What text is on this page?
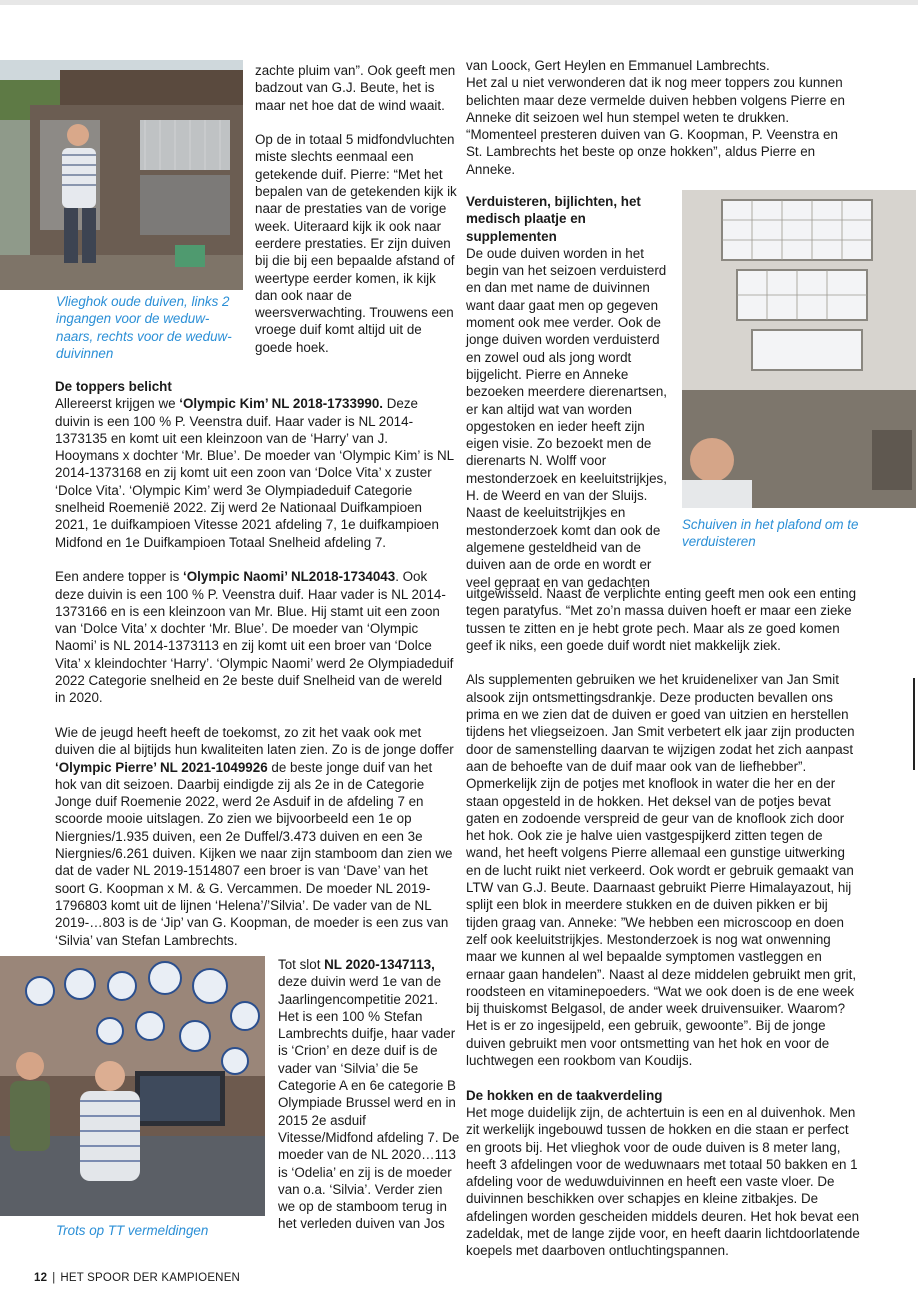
Vlieghok oude duiven, links 2 ingangen voor de weduw-naars, rechts voor de weduw-duivinnen

zachte pluim van”. Ook geeft men badzout van G.J. Beute, het is maar net hoe dat de wind waait.

Op de in totaal 5 midfondvluchten miste slechts eenmaal een getekende duif. Pierre: “Met het bepalen van de getekenden kijk ik naar de prestaties van de vorige week. Uiteraard kijk ik ook naar eerdere prestaties. Er zijn duiven bij die bij een bepaalde afstand of weertype eerder komen, ik kijk dan ook naar de weersverwachting. Trouwens een vroege duif komt altijd uit de goede hoek.

De toppers belicht

Allereerst krijgen we ‘Olympic Kim’ NL 2018-1733990. Deze duivin is een 100 % P. Veenstra duif. Haar vader is NL 2014-1373135 en komt uit een kleinzoon van de ‘Harry’ van J. Hooymans x dochter ‘Mr. Blue’. De moeder van ‘Olympic Kim’ is NL 2014-1373168 en zij komt uit een zoon van ‘Dolce Vita’ x zuster ‘Dolce Vita’. ‘Olympic Kim’ werd 3e Olympiadeduif Categorie snelheid Roemenië 2022. Zij werd 2e Nationaal Duifkampioen 2021, 1e duifkampioen Vitesse 2021 afdeling 7, 1e duifkampioen Midfond en 1e Duifkampioen Totaal Snelheid afdeling 7.

Een andere topper is ‘Olympic Naomi’ NL2018-1734043. Ook deze duivin is een 100 % P. Veenstra duif. Haar vader is NL 2014-1373166 en is een kleinzoon van Mr. Blue. Hij stamt uit een zoon van ‘Dolce Vita’ x dochter ‘Mr. Blue’. De moeder van ‘Olympic Naomi’ is NL 2014-1373113 en zij komt uit een broer van ‘Dolce Vita’ x kleindochter ‘Harry’. ‘Olympic Naomi’ werd 2e Olympiadeduif 2022 Categorie snelheid en 2e beste duif Snelheid van de wereld in 2020.

Wie de jeugd heeft heeft de toekomst, zo zit het vaak ook met duiven die al bijtijds hun kwaliteiten laten zien. Zo is de jonge doffer ‘Olympic Pierre’ NL 2021-1049926 de beste jonge duif van het hok van dit seizoen. Daarbij eindigde zij als 2e in de Categorie Jonge duif Roemenie 2022, werd 2e Asduif in de afdeling 7 en scoorde mooie uitslagen. Zo zien we bijvoorbeeld een 1e op Niergnies/1.935 duiven, een 2e Duffel/3.473 duiven en een 3e Niergnies/6.261 duiven. Kijken we naar zijn stamboom dan zien we dat de vader NL 2019-1514807 een broer is van ‘Dave’ van het soort G. Koopman x M. & G. Vercammen. De moeder NL 2019-1796803 komt uit de lijnen ‘Helena’/’Silvia’. De vader van de NL 2019-…803 is de ‘Jip’ van G. Koopman, de moeder is een zus van ‘Silvia’ van Stefan Lambrechts.

Trots op TT vermeldingen

Tot slot NL 2020-1347113, deze duivin werd 1e van de Jaarlingencompetitie 2021. Het is een 100 % Stefan Lambrechts duifje, haar vader is ‘Crion’ en deze duif is de vader van ‘Silvia’ die 5e Categorie A en 6e categorie B Olympiade Brussel werd en in 2015 2e asduif Vitesse/Midfond afdeling 7. De moeder van de NL 2020…113 is ‘Odelia’ en zij is de moeder van o.a. ‘Silvia’. Verder zien we op de stamboom terug in het verleden duiven van Jos

van Loock, Gert Heylen en Emmanuel Lambrechts.

Het zal u niet verwonderen dat ik nog meer toppers zou kunnen belichten maar deze vermelde duiven hebben volgens Pierre en Anneke dit seizoen wel hun stempel weten te drukken. “Momenteel presteren duiven van G. Koopman, P. Veenstra en St. Lambrechts het beste op onze hokken”, aldus Pierre en Anneke.

Verduisteren, bijlichten, het medisch plaatje en supplementen
De oude duiven worden in het begin van het seizoen verduisterd en dan met name de duivinnen want daar gaat men op gegeven moment ook mee verder. Ook de jonge duiven worden verduisterd en zowel oud als jong wordt bijgelicht. Pierre en Anneke bezoeken meerdere dierenartsen, er kan altijd wat van worden opgestoken en ieder heeft zijn eigen visie. Zo bezoekt men de dierenarts N. Wolff voor mestonderzoek en keeluitstrijkjes, H. de Weerd en van der Sluijs. Naast de keeluitstrijkjes en mestonderzoek komt dan ook de algemene gesteldheid van de duiven aan de orde en wordt er veel gepraat en van gedachten
Schuiven in het plafond om te verduisteren

uitgewisseld. Naast de verplichte enting geeft men ook een enting tegen paratyfus. “Met zo’n massa duiven hoeft er maar een zieke tussen te zitten en je hebt grote pech. Maar als ze goed komen geef ik niks, een goede duif wordt niet makkelijk ziek.

Als supplementen gebruiken we het kruidenelixer van Jan Smit alsook zijn ontsmettingsdrankje. Deze producten bevallen ons prima en we zien dat de duiven er goed van uitzien en herstellen tijdens het vliegseizoen. Jan Smit verbetert elk jaar zijn producten door de samenstelling daarvan te wijzigen zodat het zich aanpast aan de behoefte van de duif maar ook van de liefhebber”. Opmerkelijk zijn de potjes met knoflook in water die her en der staan opgesteld in de hokken. Het deksel van de potjes bevat gaten en zodoende verspreid de geur van de knoflook zich door het hok. Ook zie je halve uien vastgespijkerd zitten tegen de wand, het heeft volgens Pierre allemaal een gunstige uitwerking en de lucht ruikt niet verkeerd. Ook wordt er gebruik gemaakt van LTW van G.J. Beute. Daarnaast gebruikt Pierre Himalayazout, hij splijt een blok in meerdere stukken en de duiven pikken er bij tijden graag van. Anneke: ”We hebben een microscoop en doen zelf ook keeluitstrijkjes. Mestonderzoek is nog wat onwenning maar we kunnen al wel bepaalde symptomen vastleggen en ernaar gaan handelen”. Naast al deze middelen gebruikt men grit, roodsteen en vitaminepoeders. “Wat we ook doen is de ene week bij thuiskomst Belgasol, de ander week druivensuiker. Waarom? Het is er zo ingesijpeld, een gebruik, gewoonte”. Bij de jonge duiven gebruikt men voor ontsmetting van het hok en voor de luchtwegen een rookbom van Koudijs.

De hokken en de taakverdeling

Het moge duidelijk zijn, de achtertuin is een en al duivenhok. Men zit werkelijk ingebouwd tussen de hokken en die staan er perfect en groots bij. Het vlieghok voor de oude duiven is 8 meter lang, heeft 3 afdelingen voor de weduwnaars met totaal 50 bakken en 1 afdeling voor de weduwduivinnen en heeft een vaste vloer. De duivinnen beschikken over schapjes en kleine zitbakjes. De afdelingen worden gescheiden middels deuren. Het hok bevat een zadeldak, met de lange zijde voor, en heeft daarin lichtdoorlatende koepels met daarboven ontluchtingspannen.

12 | HET SPOOR DER KAMPIOENEN
